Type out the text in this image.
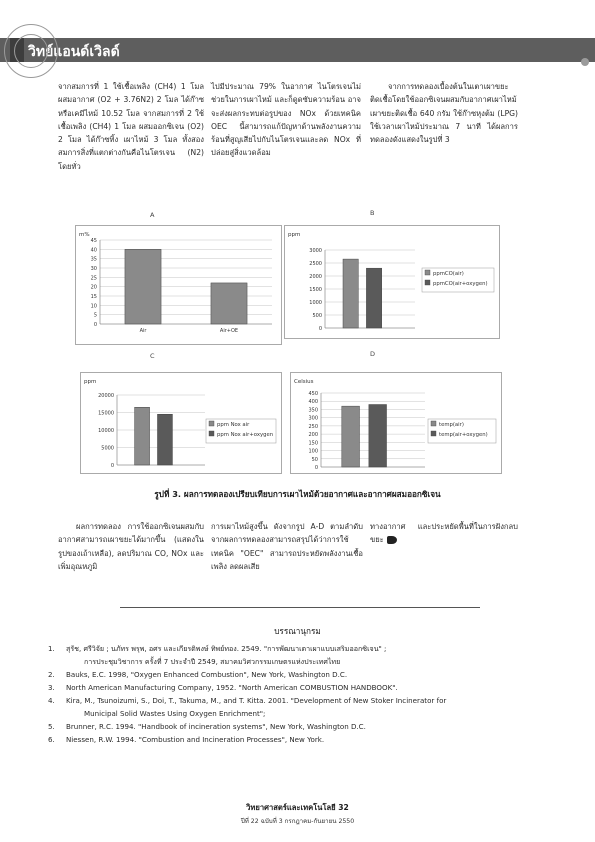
วิทย์แอนด์เวิลด์

จากสมการที่ 1 ใช้เชื้อเพลิง (CH4) 1 โมล ผสมอากาศ (O2 + 3.76N2) 2 โมล ได้ก๊าซหรือเคมีไหม้ 10.52 โมล จากสมการที่ 2 ใช้เชื้อเพลิง (CH4) 1 โมล ผสมออกซิเจน (O2) 2 โมล ได้ก๊าซทิ้ง เผาไหม้ 3 โมล ทั้งสองสมการสิ่งที่แตกต่างกันคือไนโตรเจน (N2) โดยทั่ว

ไปมีประมาณ 79% ในอากาศ ไนโตรเจนไม่ช่วยในการเผาไหม้ และก็ดูดซับความร้อน อาจจะส่งผลกระทบต่อรูปของ NOx ด้วยเทคนิค OEC นี้สามารถแก้ปัญหาด้านพลังงานความร้อนที่สูญเสียไปกับไนโตรเจนและลด NOx ที่ปล่อยสู่สิ่งแวดล้อม

จากการทดลองเบื้องต้นในเตาเผาขยะติดเชื้อโดยใช้ออกซิเจนผสมกับอากาศเผาไหม้ เผาขยะติดเชื้อ 640 กรัม ใช้ก๊าซหุงต้ม (LPG) ใช้เวลาเผาไหม้ประมาณ 7 นาที ได้ผลการทดลองดังแสดงในรูปที่ 3

A	B
C	D
m%
45
40
35
30
25
20
15
10
5
0
Air	Air+OE
ppm
3000
2500
2000
1500
1000
500
0
ppmCO(air)
ppmCO(air+oxygen)
ppm
20000
15000
10000
5000
0
ppm Nox air
ppm Nox air+oxygen
Celsius
450
400
350
300
250
200
150
100
50
0
temp(air)
temp(air+oxygen)
รูปที่ 3. ผลการทดลองเปรียบเทียบการเผาไหม้ด้วยอากาศและอากาศผสมออกซิเจน

ผลการทดลอง การใช้ออกซิเจนผสมกับอากาศสามารถเผาขยะได้มากขึ้น (แสดงในรูปของเถ้าเหลือ), ลดปริมาณ CO, NOx และเพิ่มอุณหภูมิ

การเผาไหม้สูงขึ้น ดังจากรูป A-D ตามลำดับ จากผลการทดลองสามารถสรุปได้ว่าการใช้เทคนิค "OEC" สามารถประหยัดพลังงานเชื้อเพลิง ลดผลเสีย

ทางอากาศ และประหยัดพื้นที่ในการฝังกลบขยะ

บรรณานุกรม
1. สุรัช, ศรีวิจัย ; นภัทร พรุพ, อศร และเกียรติพงษ์ ทิพย์ทอง. 2549. "การพัฒนาเตาเผาแบบเสริมออกซิเจน" ;
การประชุมวิชาการ ครั้งที่ 7 ประจำปี 2549, สมาคมวิศวกรรมเกษตรแห่งประเทศไทย
2. Bauks, E.C. 1998, "Oxygen Enhanced Combustion", New York, Washington D.C.
3. North American Manufacturing Company, 1952. "North American COMBUSTION HANDBOOK".
4. Kira, M., Tsunoizumi, S., Doi, T., Takuma, M., and T. Kitta. 2001. "Development of New Stoker Incinerator for
Municipal Solid Wastes Using Oxygen Enrichment";
5. Brunner, R.C. 1994. "Handbook of incineration systems", New York, Washington D.C.
6. Niessen, R.W. 1994. "Combustion and Incineration Processes", New York.
วิทยาศาสตร์และเทคโนโลยี 32
ปีที่ 22 ฉบับที่ 3 กรกฎาคม-กันยายน 2550
